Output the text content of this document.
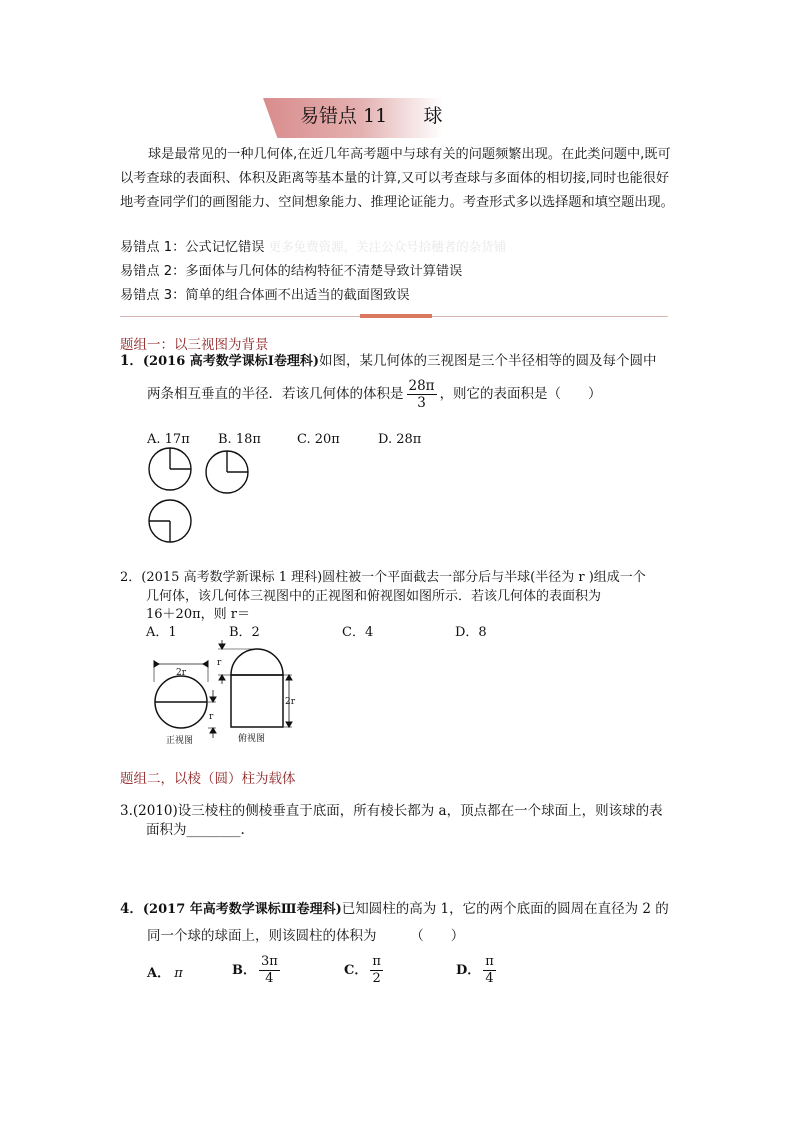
易错点 11 球
球是最常见的一种几何体,在近几年高考题中与球有关的问题频繁出现。在此类问题中,既可以考查球的表面积、体积及距离等基本量的计算,又可以考查球与多面体的相切接,同时也能很好地考查同学们的画图能力、空间想象能力、推理论证能力。考查形式多以选择题和填空题出现。
易错点 1：公式记忆错误 更多免费资源，关注公众号拾穗者的杂货铺
易错点 2：多面体与几何体的结构特征不清楚导致计算错误
易错点 3：简单的组合体画不出适当的截面图致误
题组一：以三视图为背景
1．(2016 高考数学课标Ⅰ卷理科)如图，某几何体的三视图是三个半径相等的圆及每个圆中
两条相互垂直的半径．若该几何体的体积是 $\frac{28\pi}{3}$ ，则它的表面积是（　　）
A. 17π B. 18π	C. 20π	D. 28π
2．(2015 高考数学新课标 1 理科)圆柱被一个平面截去一部分后与半球(半径为 r )组成一个
几何体，该几何体三视图中的正视图和俯视图如图所示．若该几何体的表面积为
16＋20π，则 r＝
A．1	B．2	C．4	D．8
2r
r
r
2r
正视图	俯视图
题组二，以棱（圆）柱为载体
3.(2010)设三棱柱的侧棱垂直于底面，所有棱长都为 a，顶点都在一个球面上，则该球的表
面积为________.
4．(2017 年高考数学课标Ⅲ卷理科)已知圆柱的高为 1，它的两个底面的圆周在直径为 2 的
同一个球的球面上，则该圆柱的体积为　　　（　　）
A． π	B． $\frac{3\pi}{4}$	C． $\frac{\pi}{2}$	D． $\frac{\pi}{4}$
